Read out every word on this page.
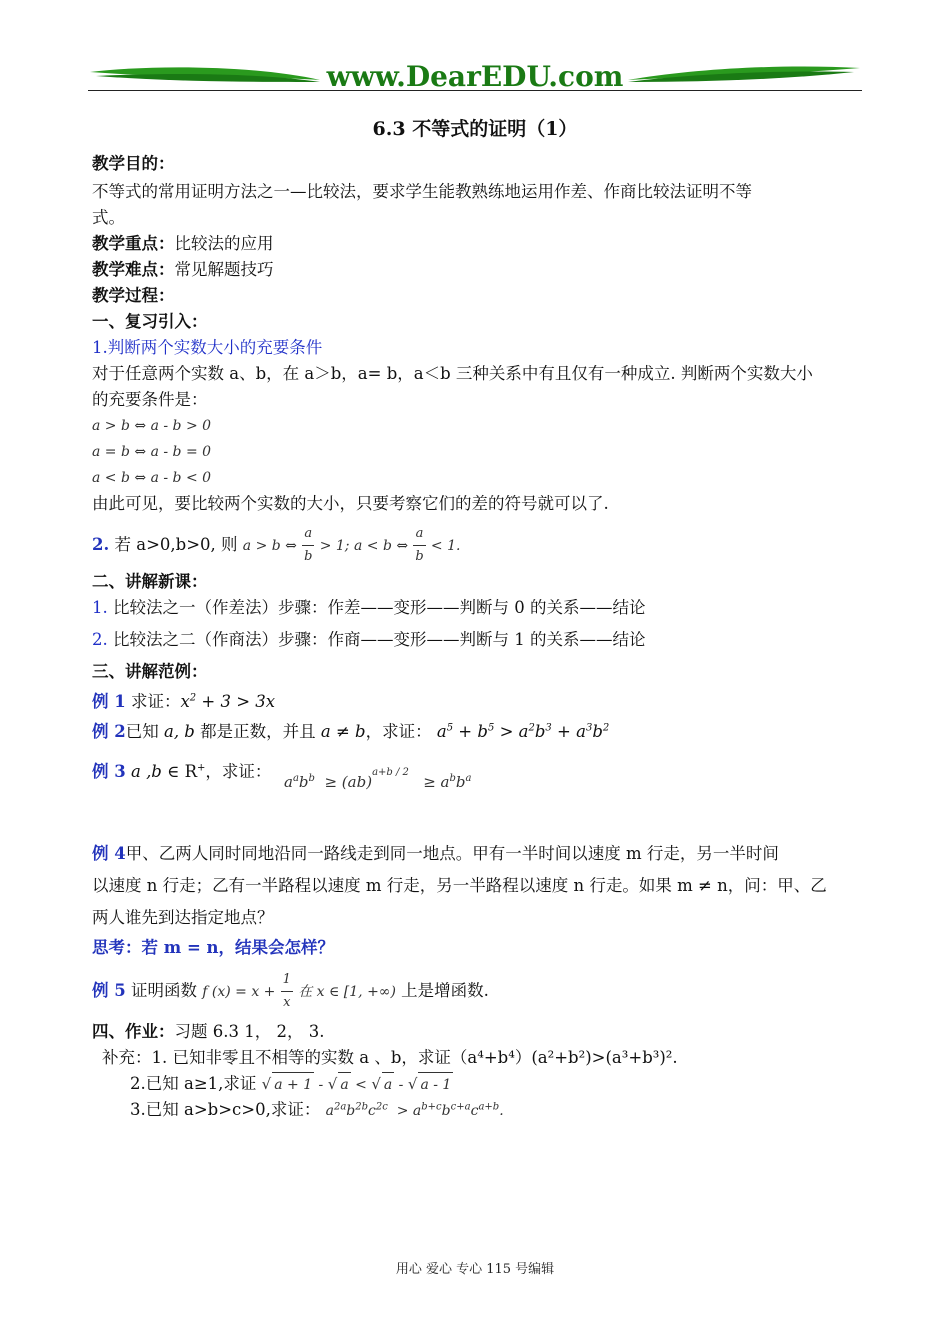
www.DearEDU.com
6.3 不等式的证明（1）
教学目的：
不等式的常用证明方法之一—比较法，要求学生能教熟练地运用作差、作商比较法证明不等
式。
教学重点：比较法的应用
教学难点：常见解题技巧
教学过程：
一、复习引入：
1.判断两个实数大小的充要条件
对于任意两个实数 a、b，在 a＞b，a= b，a＜b 三种关系中有且仅有一种成立. 判断两个实数大小
的充要条件是：
a > b ⇔ a - b > 0
a = b ⇔ a - b = 0
a < b ⇔ a - b < 0
由此可见，要比较两个实数的大小，只要考察它们的差的符号就可以了.
2. 若 a>0,b>0, 则 a > b ⇔ $\frac{a}{b} > 1$; a < b ⇔ $\frac{a}{b} < 1$.
二、讲解新课：
1. 比较法之一（作差法）步骤：作差——变形——判断与 0 的关系——结论
2. 比较法之二（作商法）步骤：作商——变形——判断与 1 的关系——结论
三、讲解范例：
例 1 求证：$x^2 + 3 > 3x$
例 2已知 a, b 都是正数，并且 a ≠ b，求证： $a^5 + b^5 > a^2b^3 + a^3b^2$
例 3 a ,b ∈ R+，求证：
$a^ab^b \ge (ab)^{a+b / 2} \ge a^bb^a$
例 4甲、乙两人同时同地沿同一路线走到同一地点。甲有一半时间以速度 m 行走，另一半时间
以速度 n 行走；乙有一半路程以速度 m 行走，另一半路程以速度 n 行走。如果 m ≠ n，问：甲、乙
两人谁先到达指定地点？
思考：若 m = n，结果会怎样？
例 5 证明函数 f $(x) = x + \frac{1}{x}$ 在 x ∈ [1, +∞) 上是增函数.
四、作业：习题 6.3 1， 2， 3.
补充：1. 已知非零且不相等的实数 a 、b，求证（a⁴+b⁴）(a²+b²)>(a³+b³)².
2.已知 a≥1,求证 √ a + 1 - √ a < √ a - √ a - 1
3.已知 a>b>c>0,求证： $a^{2a}b^{2b}c^{2c} > a^{b+c}b^{c+a}c^{a+b}$.
用心 爱心 专心 115 号编辑
